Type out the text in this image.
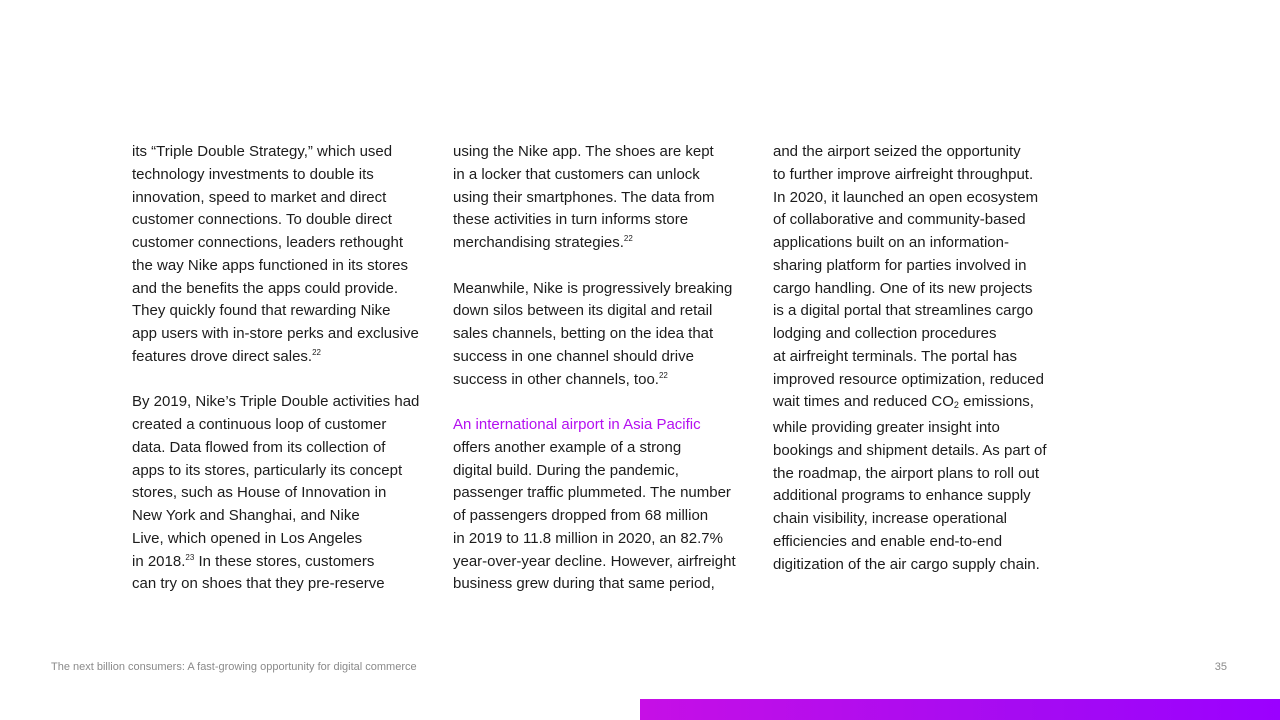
its “Triple Double Strategy,” which used
technology investments to double its
innovation, speed to market and direct
customer connections. To double direct
customer connections, leaders rethought
the way Nike apps functioned in its stores
and the benefits the apps could provide.
They quickly found that rewarding Nike
app users with in-store perks and exclusive
features drove direct sales.$^{22}$

By 2019, Nike’s Triple Double activities had
created a continuous loop of customer
data. Data flowed from its collection of
apps to its stores, particularly its concept
stores, such as House of Innovation in
New York and Shanghai, and Nike
Live, which opened in Los Angeles
in 2018.23 In these stores, customers
can try on shoes that they pre-reserve

using the Nike app. The shoes are kept
in a locker that customers can unlock
using their smartphones. The data from
these activities in turn informs store
merchandising strategies.$^{22}$

Meanwhile, Nike is progressively breaking
down silos between its digital and retail
sales channels, betting on the idea that
success in one channel should drive
success in other channels, too.$^{22}$

An international airport in Asia Pacific
offers another example of a strong
digital build. During the pandemic,
passenger traffic plummeted. The number
of passengers dropped from 68 million
in 2019 to 11.8 million in 2020, an 82.7%
year-over-year decline. However, airfreight
business grew during that same period,

and the airport seized the opportunity
to further improve airfreight throughput.
In 2020, it launched an open ecosystem
of collaborative and community-based
applications built on an information-
sharing platform for parties involved in
cargo handling. One of its new projects
is a digital portal that streamlines cargo
lodging and collection procedures
at airfreight terminals. The portal has
improved resource optimization, reduced
wait times and reduced CO2 emissions,
while providing greater insight into
bookings and shipment details. As part of
the roadmap, the airport plans to roll out
additional programs to enhance supply
chain visibility, increase operational
efficiencies and enable end-to-end
digitization of the air cargo supply chain.

The next billion consumers: A fast-growing opportunity for digital commerce	35
